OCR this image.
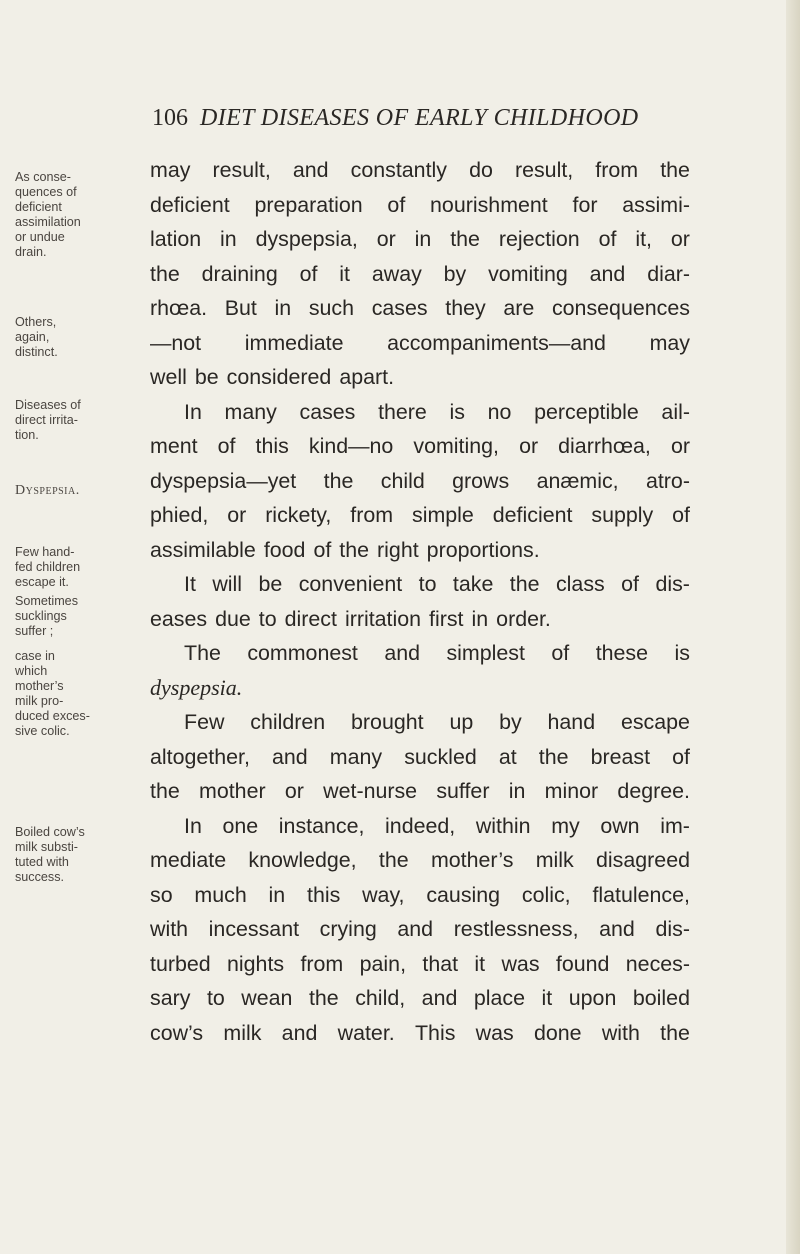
106 DIET DISEASES OF EARLY CHILDHOOD
As conse-
quences of
deficient
assimilation
or undue
drain.
Others,
again,
distinct.
Diseases of
direct irrita-
tion.
Dyspepsia.
Few hand-
fed children
escape it.
Sometimes
sucklings
suffer ;
case in
which
mother’s
milk pro-
duced exces-
sive colic.
Boiled cow’s
milk substi-
tuted with
success.
may result, and constantly do result, from the
deficient preparation of nourishment for assimi-
lation in dyspepsia, or in the rejection of it, or
the draining of it away by vomiting and diar-
rhœa. But in such cases they are consequences
—not immediate accompaniments—and may
well be considered apart.
In many cases there is no perceptible ail-
ment of this kind—no vomiting, or diarrhœa, or
dyspepsia—yet the child grows anæmic, atro-
phied, or rickety, from simple deficient supply of
assimilable food of the right proportions.
It will be convenient to take the class of dis-
eases due to direct irritation first in order.
The commonest and simplest of these is
dyspepsia.
Few children brought up by hand escape
altogether, and many suckled at the breast of
the mother or wet-nurse suffer in minor degree.
In one instance, indeed, within my own im-
mediate knowledge, the mother’s milk disagreed
so much in this way, causing colic, flatulence,
with incessant crying and restlessness, and dis-
turbed nights from pain, that it was found neces-
sary to wean the child, and place it upon boiled
cow’s milk and water. This was done with the
